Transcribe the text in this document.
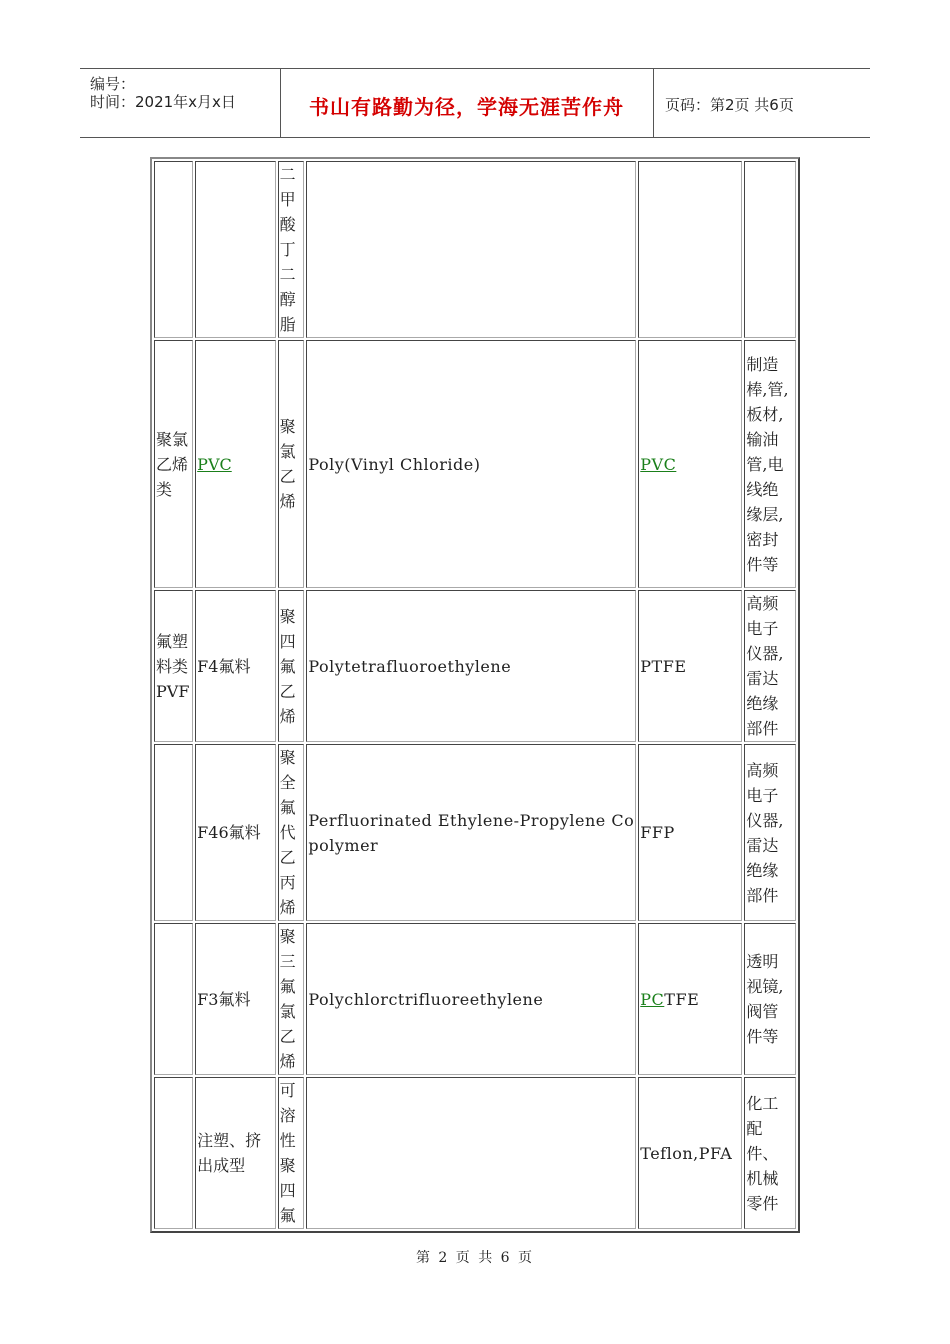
编号：
时间：2021年x月x日	书山有路勤为径，学海无涯苦作舟	页码：第2页 共6页
		二甲酸丁二醇脂			
聚氯乙烯类	PVC	聚氯乙烯	Poly(Vinyl Chloride)	PVC	制造棒,管,板材,输油管,电线绝缘层,密封件等
氟塑料类PVF	F4氟料	聚四氟乙烯	Polytetrafluoroethylene	PTFE	高频电子仪器,雷达绝缘部件
	F46氟料	聚全氟代乙丙烯	Perfluorinated Ethylene-Propylene Copolymer	FFP	高频电子仪器,雷达绝缘部件
	F3氟料	聚三氟氯乙烯	Polychlorctrifluoreethylene	PCTFE	透明视镜,阀管件等
	注塑、挤出成型	可溶性聚四氟		Teflon,PFA	化工配件、机械零件
第 2 页 共 6 页
